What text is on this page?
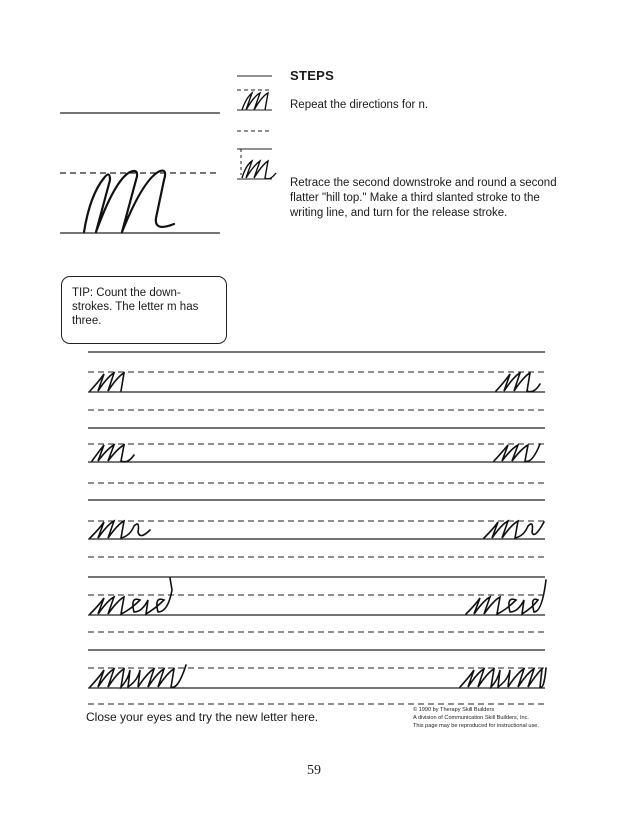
STEPS
Repeat the directions for n.
Retrace the second downstroke and round a second
flatter "hill top." Make a third slanted stroke to the
writing line, and turn for the release stroke.
TIP: Count the down-
strokes. The letter m has
three.
Close your eyes and try the new letter here.	© 1990 by Therapy Skill Builders
A division of Communication Skill Builders, Inc.
This page may be reproduced for instructional use.
59
